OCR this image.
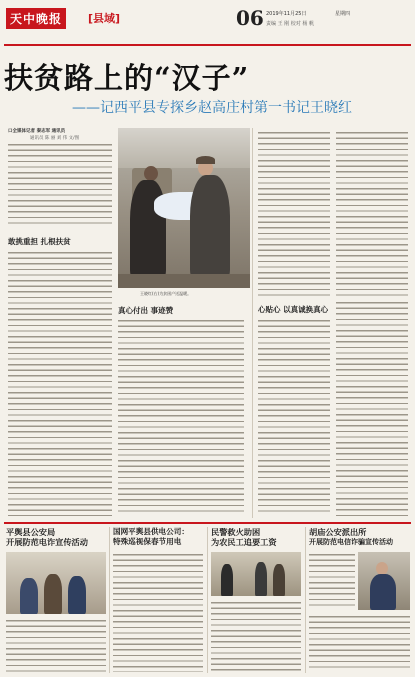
天中晚报	[县域]	06 2019年11月25日	星期四
责编 王 刚 校对 杨 帆
扶贫路上的“汉子”
——记西平县专探乡赵高庄村第一书记王晓红
口全媒体记者 秦志军 通讯员
通讯员 陈 丽 刘 伟 文/图
敢挑重担 扎根扶贫
王晓红(右)为贫困户送温暖。
真心付出 事迹赞	心贴心 以真诚换真心
平舆县公安局
开展防范电诈宣传活动
国网平舆县供电公司：
特殊巡视保春节用电
民警救火助困
为农民工追要工资
胡庙公安派出所
开展防范电信诈骗宣传活动
